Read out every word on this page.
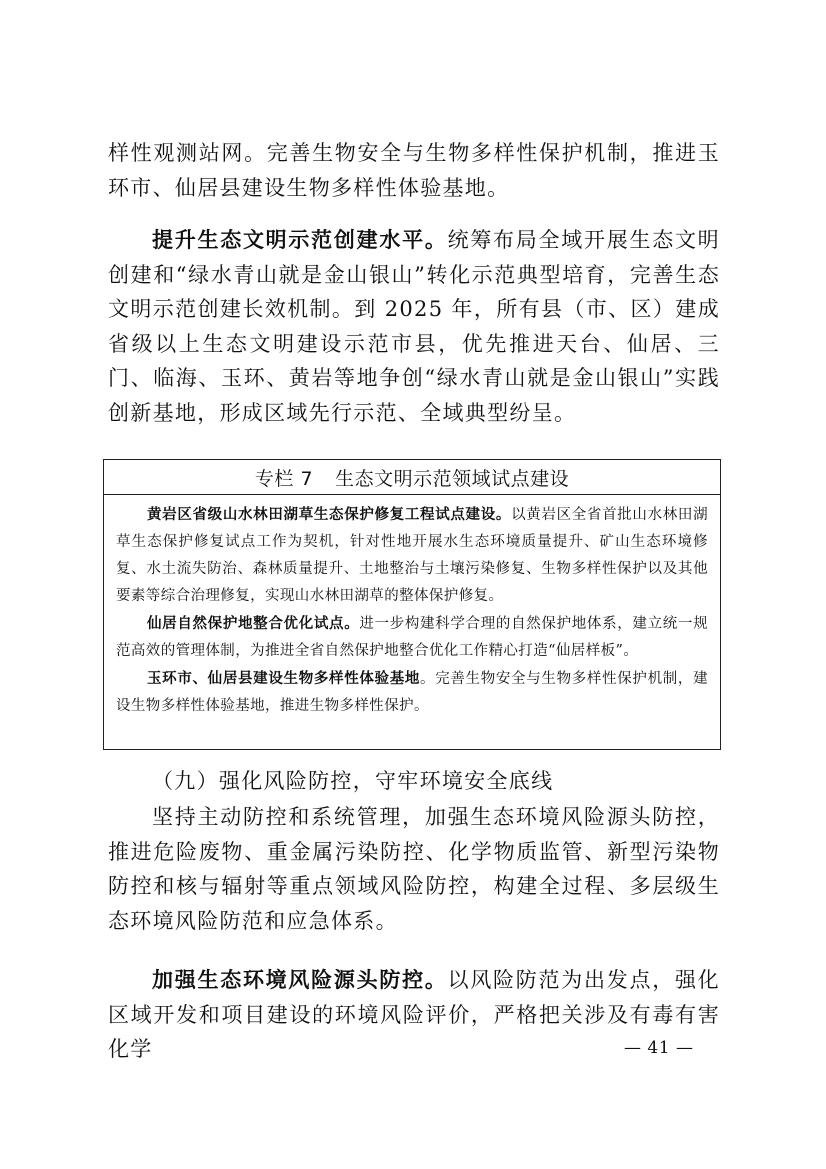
样性观测站网。完善生物安全与生物多样性保护机制，推进玉环市、仙居县建设生物多样性体验基地。

提升生态文明示范创建水平。统筹布局全域开展生态文明创建和“绿水青山就是金山银山”转化示范典型培育，完善生态文明示范创建长效机制。到 2025 年，所有县（市、区）建成省级以上生态文明建设示范市县，优先推进天台、仙居、三门、临海、玉环、黄岩等地争创“绿水青山就是金山银山”实践创新基地，形成区域先行示范、全域典型纷呈。

专栏 7 生态文明示范领域试点建设

黄岩区省级山水林田湖草生态保护修复工程试点建设。以黄岩区全省首批山水林田湖草生态保护修复试点工作为契机，针对性地开展水生态环境质量提升、矿山生态环境修复、水土流失防治、森林质量提升、土地整治与土壤污染修复、生物多样性保护以及其他要素等综合治理修复，实现山水林田湖草的整体保护修复。

仙居自然保护地整合优化试点。进一步构建科学合理的自然保护地体系，建立统一规范高效的管理体制，为推进全省自然保护地整合优化工作精心打造“仙居样板”。

玉环市、仙居县建设生物多样性体验基地。完善生物安全与生物多样性保护机制，建设生物多样性体验基地，推进生物多样性保护。

（九）强化风险防控，守牢环境安全底线

坚持主动防控和系统管理，加强生态环境风险源头防控，推进危险废物、重金属污染防控、化学物质监管、新型污染物防控和核与辐射等重点领域风险防控，构建全过程、多层级生态环境风险防范和应急体系。

加强生态环境风险源头防控。以风险防范为出发点，强化区域开发和项目建设的环境风险评价，严格把关涉及有毒有害化学	— 41 —
